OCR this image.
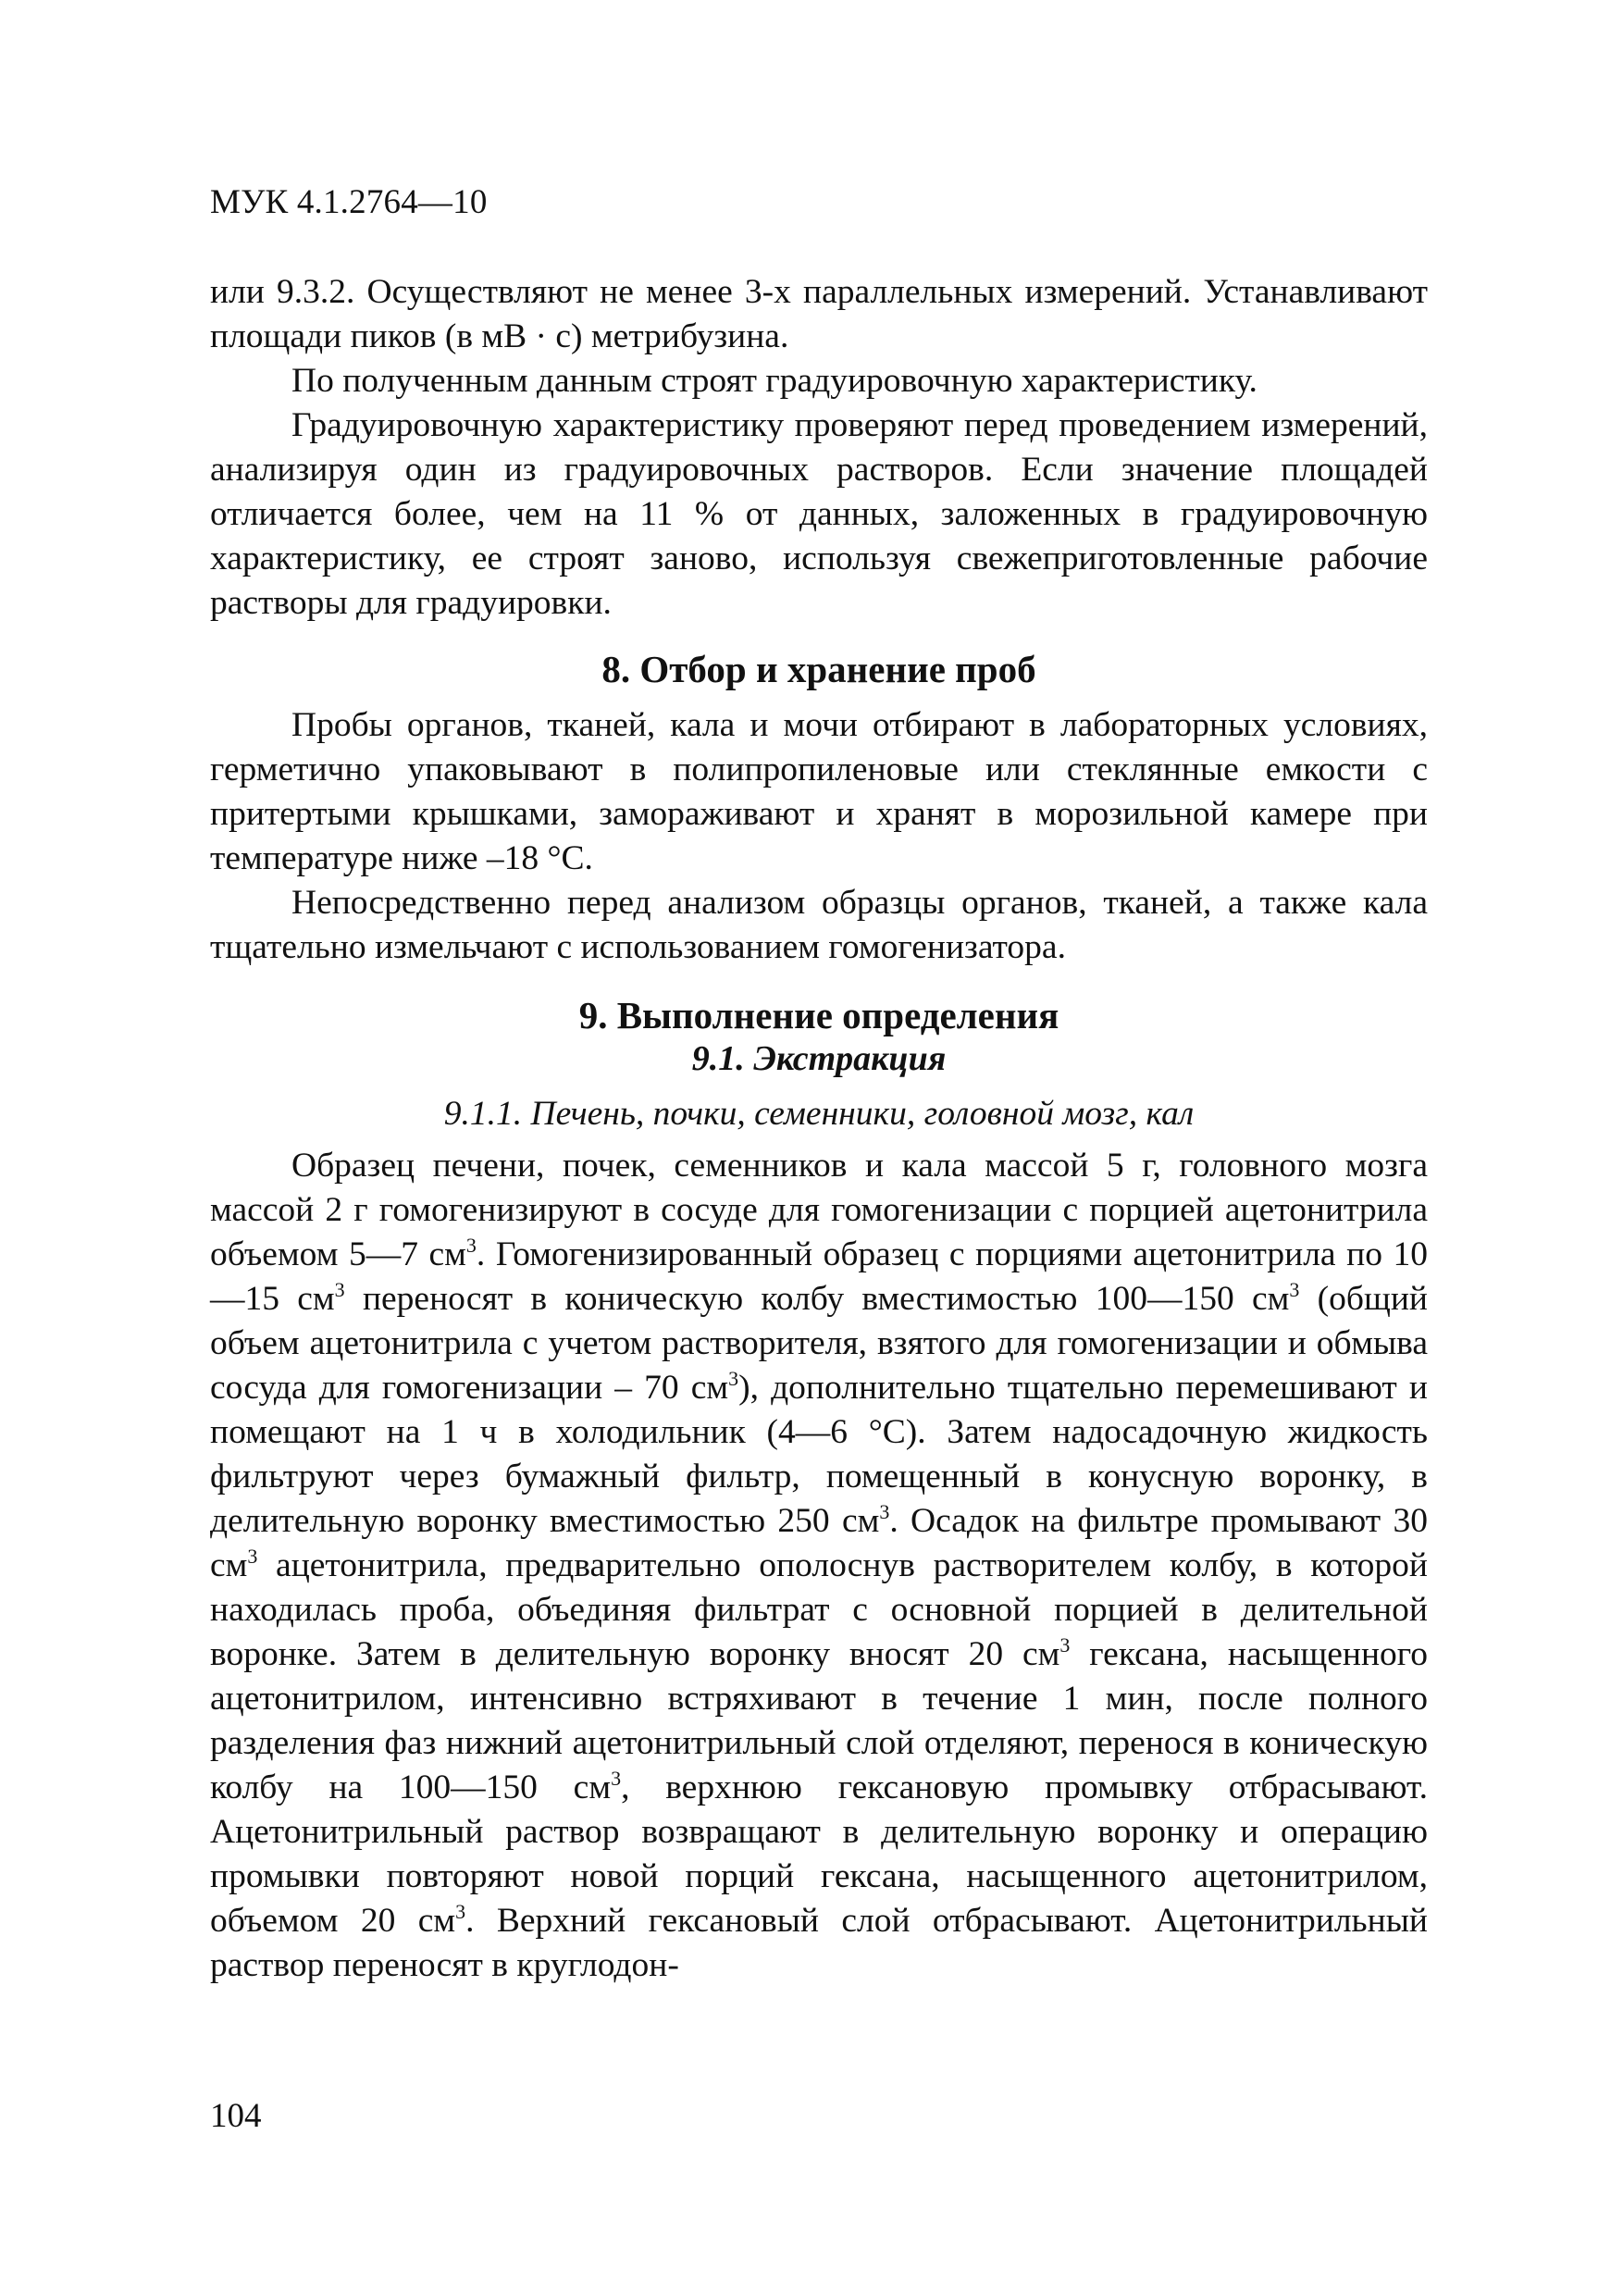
МУК 4.1.2764—10

или 9.3.2. Осуществляют не менее 3-х параллельных измерений. Устанавливают площади пиков (в мВ · с) метрибузина.

По полученным данным строят градуировочную характеристику.

Градуировочную характеристику проверяют перед проведением измерений, анализируя один из градуировочных растворов. Если значение площадей отличается более, чем на 11 % от данных, заложенных в градуировочную характеристику, ее строят заново, используя свежеприготовленные рабочие растворы для градуировки.

8. Отбор и хранение проб

Пробы органов, тканей, кала и мочи отбирают в лабораторных условиях, герметично упаковывают в полипропиленовые или стеклянные емкости с притертыми крышками, замораживают и хранят в морозильной камере при температуре ниже –18 °С.

Непосредственно перед анализом образцы органов, тканей, а также кала тщательно измельчают с использованием гомогенизатора.

9. Выполнение определения
9.1. Экстракция
9.1.1. Печень, почки, семенники, головной мозг, кал

Образец печени, почек, семенников и кала массой 5 г, головного мозга массой 2 г гомогенизируют в сосуде для гомогенизации с порцией ацетонитрила объемом 5—7 $см^3$. Гомогенизированный образец с порциями ацетонитрила по 10—15 $см^3$ переносят в коническую колбу вместимостью 100—150 $см^3$ (общий объем ацетонитрила с учетом растворителя, взятого для гомогенизации и обмыва сосуда для гомогенизации – 70 $см^3$), дополнительно тщательно перемешивают и помещают на 1 ч в холодильник (4—6 °С). Затем надосадочную жидкость фильтруют через бумажный фильтр, помещенный в конусную воронку, в делительную воронку вместимостью 250 $см^3$. Осадок на фильтре промывают 30 $см^3$ ацетонитрила, предварительно ополоснув растворителем колбу, в которой находилась проба, объединяя фильтрат с основной порцией в делительной воронке. Затем в делительную воронку вносят 20 $см^3$ гексана, насыщенного ацетонитрилом, интенсивно встряхивают в течение 1 мин, после полного разделения фаз нижний ацетонитрильный слой отделяют, перенося в коническую колбу на 100—150 $см^3$, верхнюю гексановую промывку отбрасывают. Ацетонитрильный раствор возвращают в делительную воронку и операцию промывки повторяют новой порций гексана, насыщенного ацетонитрилом, объемом 20 $см^3$. Верхний гексановый слой отбрасывают. Ацетонитрильный раствор переносят в круглодон-

104
